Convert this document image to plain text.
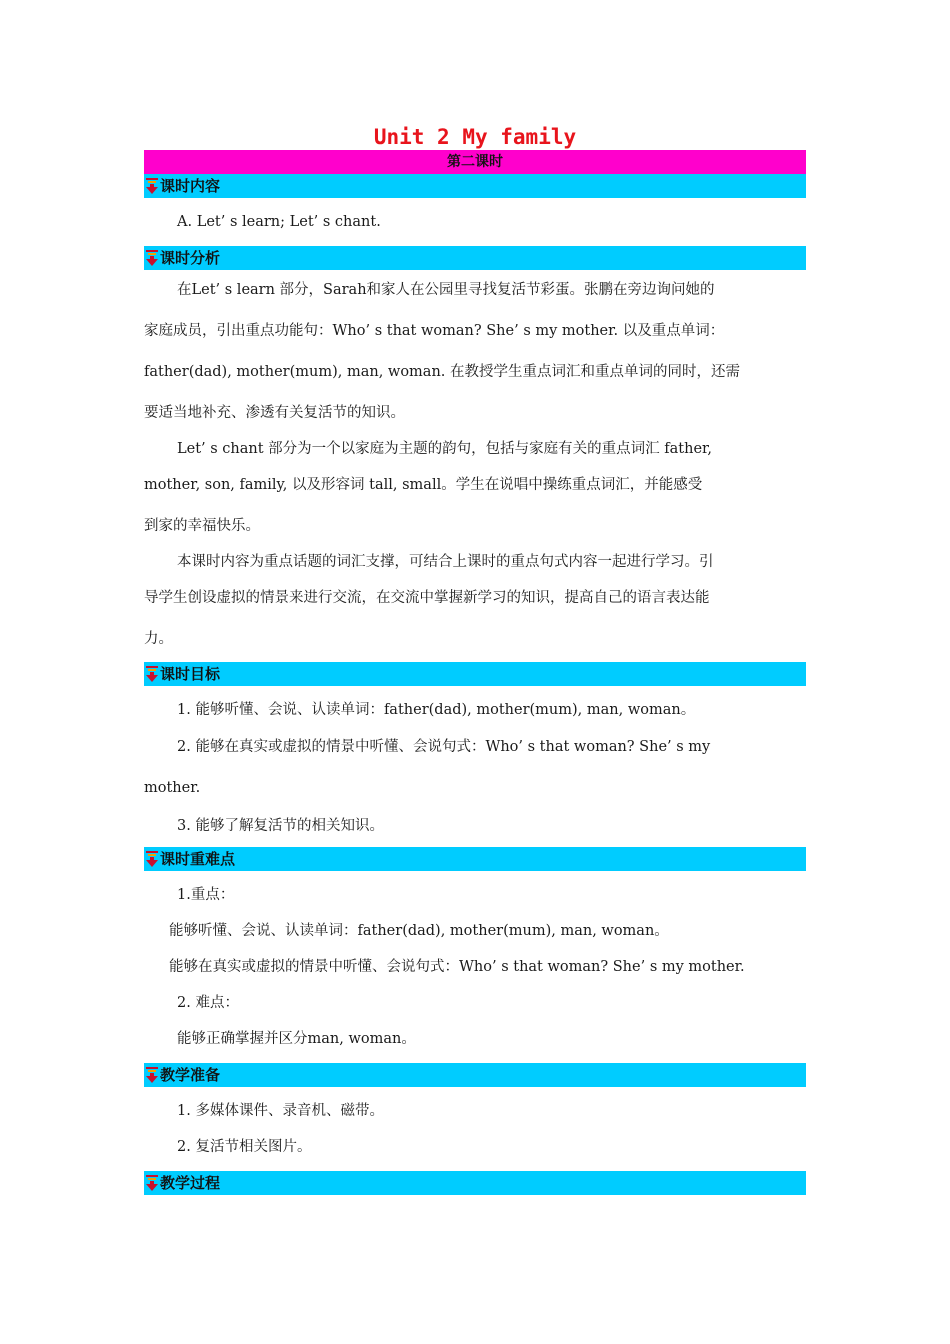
Unit 2 My family
第二课时
课时内容

A. Let’ s learn; Let’ s chant.

课时分析

在Let’ s learn 部分，Sarah和家人在公园里寻找复活节彩蛋。张鹏在旁边询问她的

家庭成员，引出重点功能句：Who’ s that woman? She’ s my mother. 以及重点单词：

father(dad), mother(mum), man, woman. 在教授学生重点词汇和重点单词的同时，还需

要适当地补充、渗透有关复活节的知识。

Let’ s chant 部分为一个以家庭为主题的韵句，包括与家庭有关的重点词汇 father,

mother, son, family, 以及形容词 tall, small。学生在说唱中操练重点词汇，并能感受

到家的幸福快乐。

本课时内容为重点话题的词汇支撑，可结合上课时的重点句式内容一起进行学习。引

导学生创设虚拟的情景来进行交流，在交流中掌握新学习的知识，提高自己的语言表达能

力。

课时目标

1. 能够听懂、会说、认读单词：father(dad), mother(mum), man, woman。

2. 能够在真实或虚拟的情景中听懂、会说句式：Who’ s that woman? She’ s my

mother.

3. 能够了解复活节的相关知识。

课时重难点

1.重点：

能够听懂、会说、认读单词：father(dad), mother(mum), man, woman。

能够在真实或虚拟的情景中听懂、会说句式：Who’ s that woman? She’ s my mother.

2. 难点：

能够正确掌握并区分man, woman。

教学准备

1. 多媒体课件、录音机、磁带。

2. 复活节相关图片。

教学过程
